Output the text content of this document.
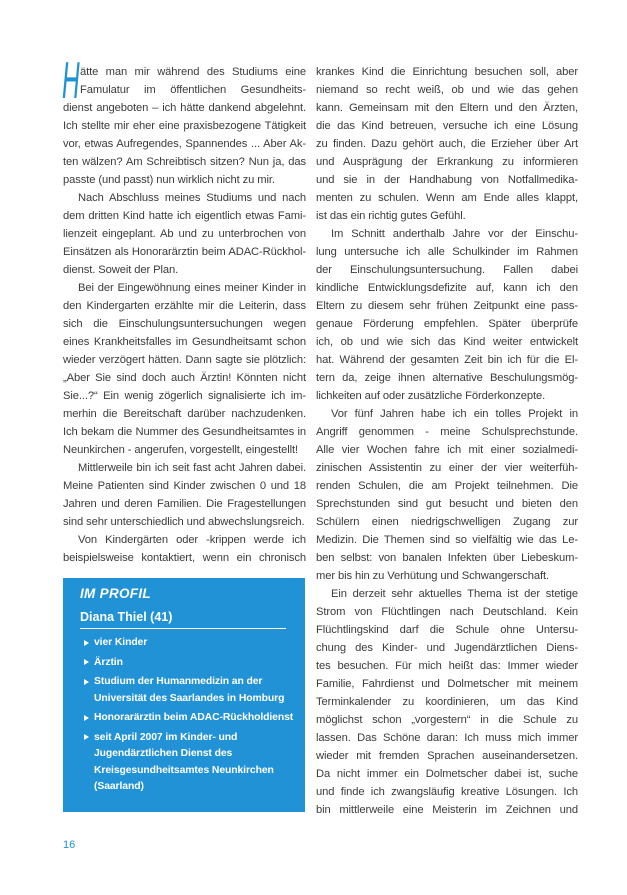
H ätte man mir während des Studiums eine
Famulatur im öffentlichen Gesundheits-
dienst angeboten – ich hätte dankend abgelehnt.
Ich stellte mir eher eine praxisbezogene Tätigkeit
vor, etwas Aufregendes, Spannendes ... Aber Ak-
ten wälzen? Am Schreibtisch sitzen? Nun ja, das
passte (und passt) nun wirklich nicht zu mir.
Nach Abschluss meines Studiums und nach
dem dritten Kind hatte ich eigentlich etwas Fami-
lienzeit eingeplant. Ab und zu unterbrochen von
Einsätzen als Honorarärztin beim ADAC-Rückhol-
dienst. Soweit der Plan.
Bei der Eingewöhnung eines meiner Kinder in
den Kindergarten erzählte mir die Leiterin, dass
sich die Einschulungsuntersuchungen wegen
eines Krankheitsfalles im Gesundheitsamt schon
wieder verzögert hätten. Dann sagte sie plötzlich:
„Aber Sie sind doch auch Ärztin! Könnten nicht
Sie...?“ Ein wenig zögerlich signalisierte ich im-
merhin die Bereitschaft darüber nachzudenken.
Ich bekam die Nummer des Gesundheitsamtes in
Neunkirchen - angerufen, vorgestellt, eingestellt!
Mittlerweile bin ich seit fast acht Jahren dabei.
Meine Patienten sind Kinder zwischen 0 und 18
Jahren und deren Familien. Die Fragestellungen
sind sehr unterschiedlich und abwechslungsreich.
Von Kindergärten oder -krippen werde ich
beispielsweise kontaktiert, wenn ein chronisch
krankes Kind die Einrichtung besuchen soll, aber
niemand so recht weiß, ob und wie das gehen
kann. Gemeinsam mit den Eltern und den Ärzten,
die das Kind betreuen, versuche ich eine Lösung
zu finden. Dazu gehört auch, die Erzieher über Art
und Ausprägung der Erkrankung zu informieren
und sie in der Handhabung von Notfallmedika-
menten zu schulen. Wenn am Ende alles klappt,
ist das ein richtig gutes Gefühl.
Im Schnitt anderthalb Jahre vor der Einschu-
lung untersuche ich alle Schulkinder im Rahmen
der Einschulungsuntersuchung. Fallen dabei
kindliche Entwicklungsdefizite auf, kann ich den
Eltern zu diesem sehr frühen Zeitpunkt eine pass-
genaue Förderung empfehlen. Später überprüfe
ich, ob und wie sich das Kind weiter entwickelt
hat. Während der gesamten Zeit bin ich für die El-
tern da, zeige ihnen alternative Beschulungsmög-
lichkeiten auf oder zusätzliche Förderkonzepte.
Vor fünf Jahren habe ich ein tolles Projekt in
Angriff genommen - meine Schulsprechstunde.
Alle vier Wochen fahre ich mit einer sozialmedi-
zinischen Assistentin zu einer der vier weiterfüh-
renden Schulen, die am Projekt teilnehmen. Die
Sprechstunden sind gut besucht und bieten den
Schülern einen niedrigschwelligen Zugang zur
Medizin. Die Themen sind so vielfältig wie das Le-
ben selbst: von banalen Infekten über Liebeskum-
mer bis hin zu Verhütung und Schwangerschaft.
Ein derzeit sehr aktuelles Thema ist der stetige
Strom von Flüchtlingen nach Deutschland. Kein
Flüchtlingskind darf die Schule ohne Untersu-
chung des Kinder- und Jugendärztlichen Diens-
tes besuchen. Für mich heißt das: Immer wieder
Familie, Fahrdienst und Dolmetscher mit meinem
Terminkalender zu koordinieren, um das Kind
möglichst schon „vorgestern“ in die Schule zu
lassen. Das Schöne daran: Ich muss mich immer
wieder mit fremden Sprachen auseinandersetzen.
Da nicht immer ein Dolmetscher dabei ist, suche
und finde ich zwangsläufig kreative Lösungen. Ich
bin mittlerweile eine Meisterin im Zeichnen und
IM PROFIL
Diana Thiel (41)
vier Kinder
Ärztin
Studium der Humanmedizin an der
Universität des Saarlandes in Homburg
Honorarärztin beim ADAC-Rückholdienst
seit April 2007 im Kinder- und
Jugendärztlichen Dienst des
Kreisgesundheitsamtes Neunkirchen
(Saarland)
16
